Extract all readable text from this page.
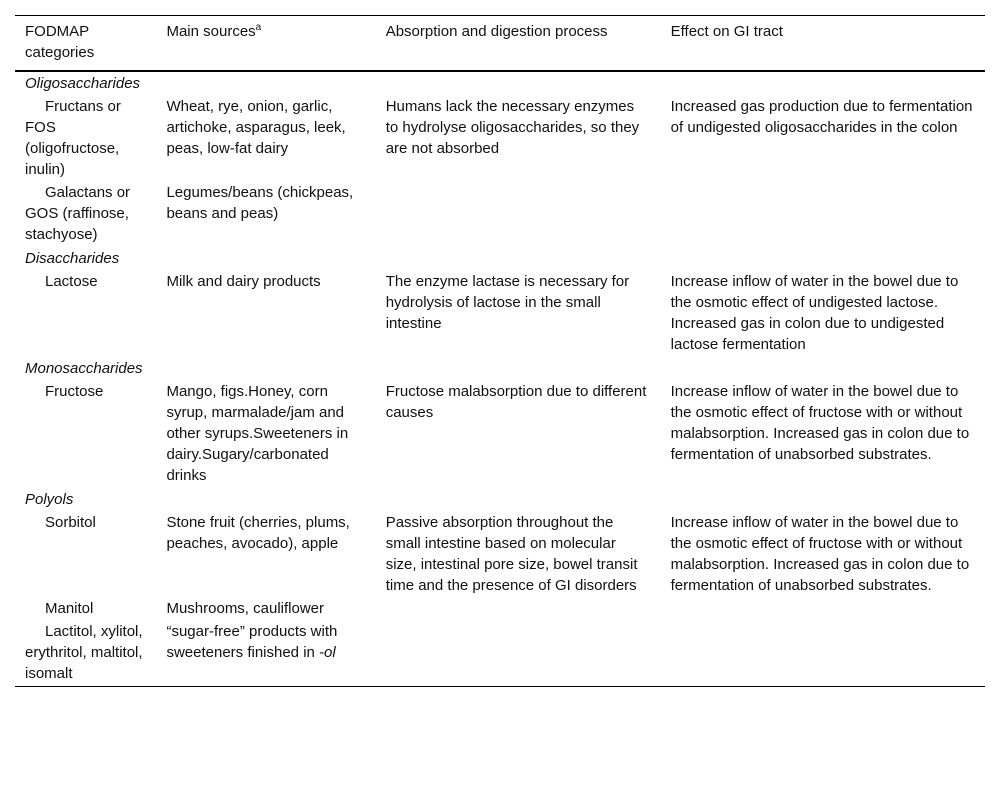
FODMAP categories	Main sources$^a$	Absorption and digestion process	Effect on GI tract
Oligosaccharides			
Fructans or FOS (oligofructose, inulin)	Wheat, rye, onion, garlic, artichoke, asparagus, leek, peas, low-fat dairy	Humans lack the necessary enzymes to hydrolyse oligosaccharides, so they are not absorbed	Increased gas production due to fermentation of undigested oligosaccharides in the colon
Galactans or GOS (raffinose, stachyose)	Legumes/beans (chickpeas, beans and peas)		
Disaccharides			
Lactose	Milk and dairy products	The enzyme lactase is necessary for hydrolysis of lactose in the small intestine	Increase inflow of water in the bowel due to the osmotic effect of undigested lactose. Increased gas in colon due to undigested lactose fermentation
Monosaccharides			
Fructose	Mango, figs.Honey, corn syrup, marmalade/jam and other syrups.Sweeteners in dairy.Sugary/carbonated drinks	Fructose malabsorption due to different causes	Increase inflow of water in the bowel due to the osmotic effect of fructose with or without malabsorption. Increased gas in colon due to fermentation of unabsorbed substrates.
Polyols			
Sorbitol	Stone fruit (cherries, plums, peaches, avocado), apple	Passive absorption throughout the small intestine based on molecular size, intestinal pore size, bowel transit time and the presence of GI disorders	Increase inflow of water in the bowel due to the osmotic effect of fructose with or without malabsorption. Increased gas in colon due to fermentation of unabsorbed substrates.
Manitol	Mushrooms, cauliflower		
Lactitol, xylitol, erythritol, maltitol, isomalt	“sugar-free” products with sweeteners finished in -ol		
